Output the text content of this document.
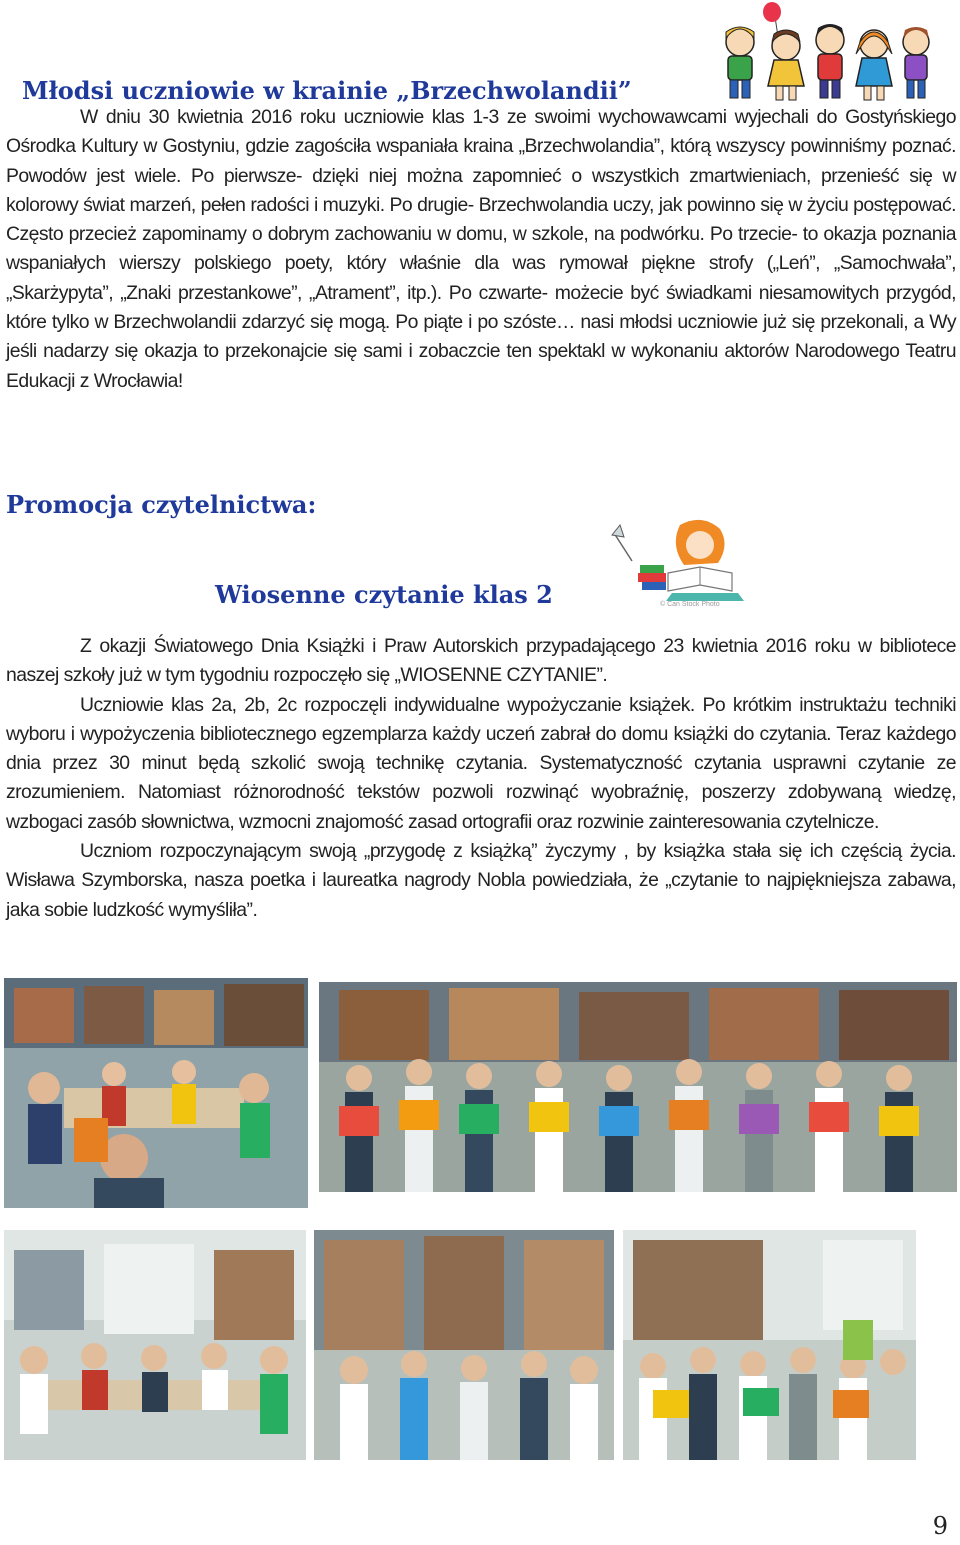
Młodsi uczniowie w krainie „Brzechwolandii”

W dniu 30 kwietnia 2016 roku uczniowie klas 1-3 ze swoimi wychowawcami wyjechali do Gostyńskiego Ośrodka Kultury w Gostyniu, gdzie zagościła wspaniała kraina „Brzechwolandia”, którą wszyscy powinniśmy poznać. Powodów jest wiele. Po pierwsze- dzięki niej można zapomnieć o wszystkich zmartwieniach, przenieść się w kolorowy świat marzeń, pełen radości i muzyki. Po drugie- Brzechwolandia uczy, jak powinno się w życiu postępować. Często przecież zapominamy o dobrym zachowaniu w domu, w szkole, na podwórku. Po trzecie- to okazja poznania wspaniałych wierszy polskiego poety, który właśnie dla was rymował piękne strofy („Leń”, „Samochwała”, „Skarżypyta”, „Znaki przestankowe”, „Atrament”, itp.). Po czwarte- możecie być świadkami niesamowitych przygód, które tylko w Brzechwolandii zdarzyć się mogą. Po piąte i po szóste… nasi młodsi uczniowie już się przekonali, a Wy jeśli nadarzy się okazja to przekonajcie się sami i zobaczcie ten spektakl w wykonaniu aktorów Narodowego Teatru Edukacji z Wrocławia!

Promocja czytelnictwa:
© Can Stock Photo
Wiosenne czytanie klas 2

Z okazji Światowego Dnia Książki i Praw Autorskich przypadającego 23 kwietnia 2016 roku w bibliotece naszej szkoły już w tym tygodniu rozpoczęło się „WIOSENNE CZYTANIE”.

Uczniowie klas 2a, 2b, 2c rozpoczęli indywidualne wypożyczanie książek. Po krótkim instruktażu techniki wyboru i wypożyczenia bibliotecznego egzemplarza każdy uczeń zabrał do domu książki do czytania. Teraz każdego dnia przez 30 minut będą szkolić swoją technikę czytania. Systematyczność czytania usprawni czytanie ze zrozumieniem. Natomiast różnorodność tekstów pozwoli rozwinąć wyobraźnię, poszerzy zdobywaną wiedzę, wzbogaci zasób słownictwa, wzmocni znajomość zasad ortografii oraz rozwinie zainteresowania czytelnicze.

Uczniom rozpoczynającym swoją „przygodę z książką” życzymy , by książka stała się ich częścią życia. Wisława Szymborska, nasza poetka i laureatka nagrody Nobla powiedziała, że „czytanie to najpiękniejsza zabawa, jaka sobie ludzkość wymyśliła”.

9
